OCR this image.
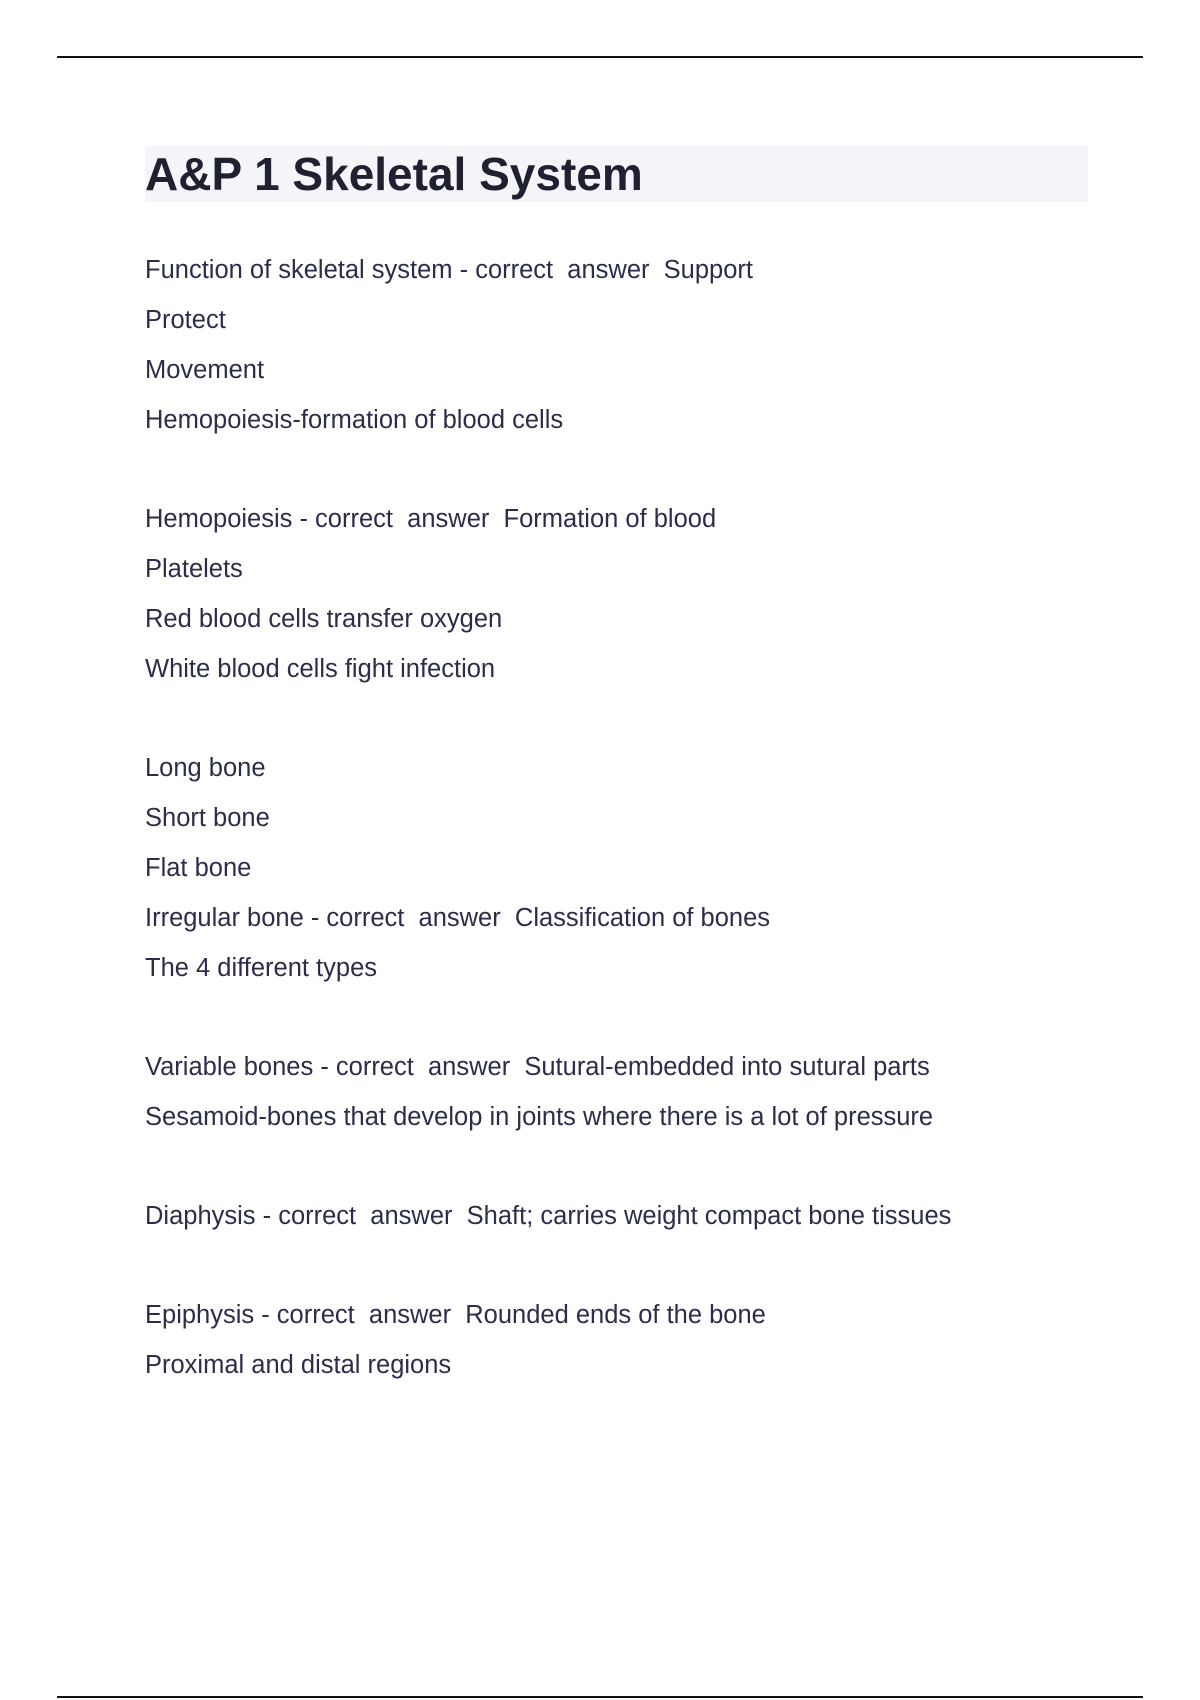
A&P 1 Skeletal System
Function of skeletal system - correct  answer  Support
Protect
Movement
Hemopoiesis-formation of blood cells
Hemopoiesis - correct  answer  Formation of blood
Platelets
Red blood cells transfer oxygen
White blood cells fight infection
Long bone
Short bone
Flat bone
Irregular bone - correct  answer  Classification of bones
The 4 different types
Variable bones - correct  answer  Sutural-embedded into sutural parts
Sesamoid-bones that develop in joints where there is a lot of pressure
Diaphysis - correct  answer  Shaft; carries weight compact bone tissues
Epiphysis - correct  answer  Rounded ends of the bone
Proximal and distal regions
